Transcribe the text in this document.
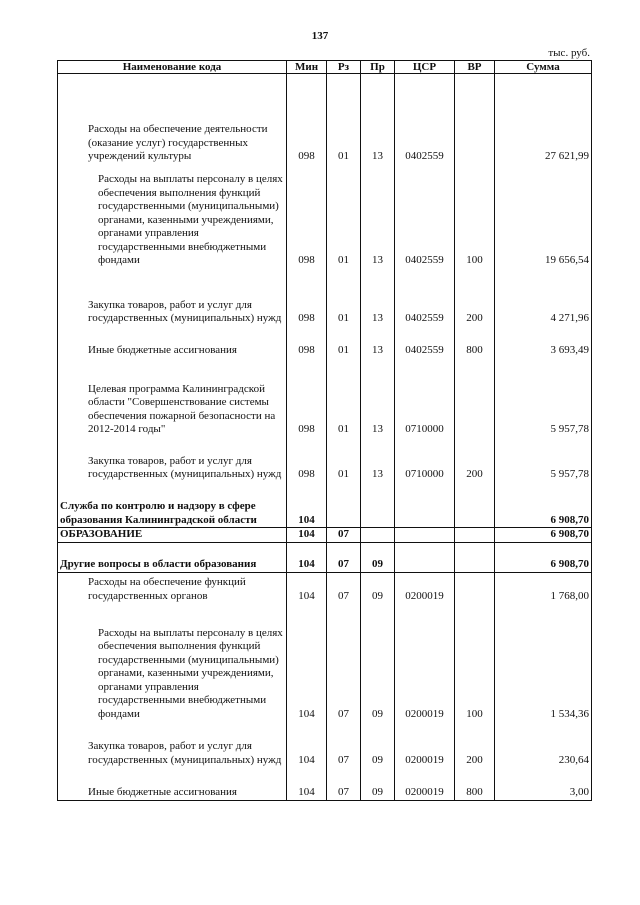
137
тыс. руб.
Наименование кода	Мин	Рз	Пр	ЦСР	ВР	Сумма
Расходы на обеспечение деятельности (оказание услуг) государственных учреждений культуры	098	01	13	0402559		27 621,99
Расходы на выплаты персоналу в целях обеспечения выполнения функций государственными (муниципальными) органами, казенными учреждениями, органами управления государственными внебюджетными фондами	098	01	13	0402559	100	19 656,54
Закупка товаров, работ и услуг для государственных (муниципальных) нужд	098	01	13	0402559	200	4 271,96
Иные бюджетные ассигнования	098	01	13	0402559	800	3 693,49
Целевая программа Калининградской области "Совершенствование системы обеспечения пожарной безопасности на 2012-2014 годы"	098	01	13	0710000		5 957,78
Закупка товаров, работ и услуг для государственных (муниципальных) нужд	098	01	13	0710000	200	5 957,78
Служба по контролю и надзору в сфере образования Калининградской области	104					6 908,70
ОБРАЗОВАНИЕ	104	07				6 908,70
Другие вопросы в области образования	104	07	09			6 908,70
Расходы на обеспечение функций государственных органов	104	07	09	0200019		1 768,00
Расходы на выплаты персоналу в целях обеспечения выполнения функций государственными (муниципальными) органами, казенными учреждениями, органами управления государственными внебюджетными фондами	104	07	09	0200019	100	1 534,36
Закупка товаров, работ и услуг для государственных (муниципальных) нужд	104	07	09	0200019	200	230,64
Иные бюджетные ассигнования	104	07	09	0200019	800	3,00
